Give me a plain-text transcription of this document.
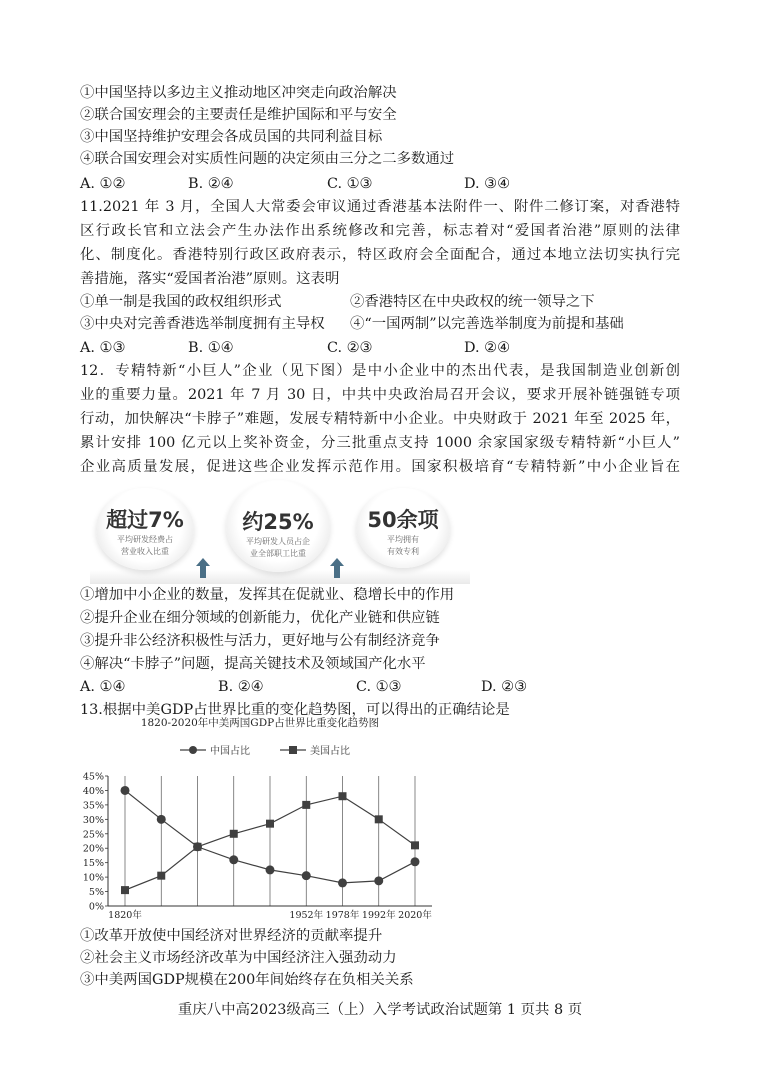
①中国坚持以多边主义推动地区冲突走向政治解决
②联合国安理会的主要责任是维护国际和平与安全
③中国坚持维护安理会各成员国的共同利益目标
④联合国安理会对实质性问题的决定须由三分之二多数通过
A. ①②	B. ②④	C. ①③	D. ③④
11.2021 年 3 月，全国人大常委会审议通过香港基本法附件一、附件二修订案，对香港特
区行政长官和立法会产生办法作出系统修改和完善，标志着对“爱国者治港”原则的法律
化、制度化。香港特别行政区政府表示，特区政府会全面配合，通过本地立法切实执行完
善措施，落实“爱国者治港”原则。这表明
①单一制是我国的政权组织形式	②香港特区在中央政权的统一领导之下
③中央对完善香港选举制度拥有主导权 ④“一国两制”以完善选举制度为前提和基础
A. ①③	B. ①④	C. ②③	D. ②④
12．专精特新“小巨人”企业（见下图）是中小企业中的杰出代表，是我国制造业创新创
业的重要力量。2021 年 7 月 30 日，中共中央政治局召开会议，要求开展补链强链专项
行动，加快解决“卡脖子”难题，发展专精特新中小企业。中央财政于 2021 年至 2025 年，
累计安排 100 亿元以上奖补资金，分三批重点支持 1000 余家国家级专精特新“小巨人”
企业高质量发展，促进这些企业发挥示范作用。国家积极培育“专精特新”中小企业旨在
超过7%
平均研发经费占
营业收入比重
约25%
平均研发人员占企
业全部职工比重
50余项
平均拥有
有效专利
①增加中小企业的数量，发挥其在促就业、稳增长中的作用
②提升企业在细分领域的创新能力，优化产业链和供应链
③提升非公经济积极性与活力，更好地与公有制经济竞争
④解决“卡脖子”问题，提高关键技术及领域国产化水平
A. ①④	B. ②④	C. ①③	D. ②③
13.根据中美GDP占世界比重的变化趋势图，可以得出的正确结论是
1820-2020年中美两国GDP占世界比重变化趋势图
中国占比	美国占比
0%
5%
10%
15%
20%
25%
30%
35%
40%
45%
1820年	1952年 1978年 1992年 2020年
①改革开放使中国经济对世界经济的贡献率提升
②社会主义市场经济改革为中国经济注入强劲动力
③中美两国GDP规模在200年间始终存在负相关关系
重庆八中高2023级高三（上）入学考试政治试题第 1 页共 8 页
